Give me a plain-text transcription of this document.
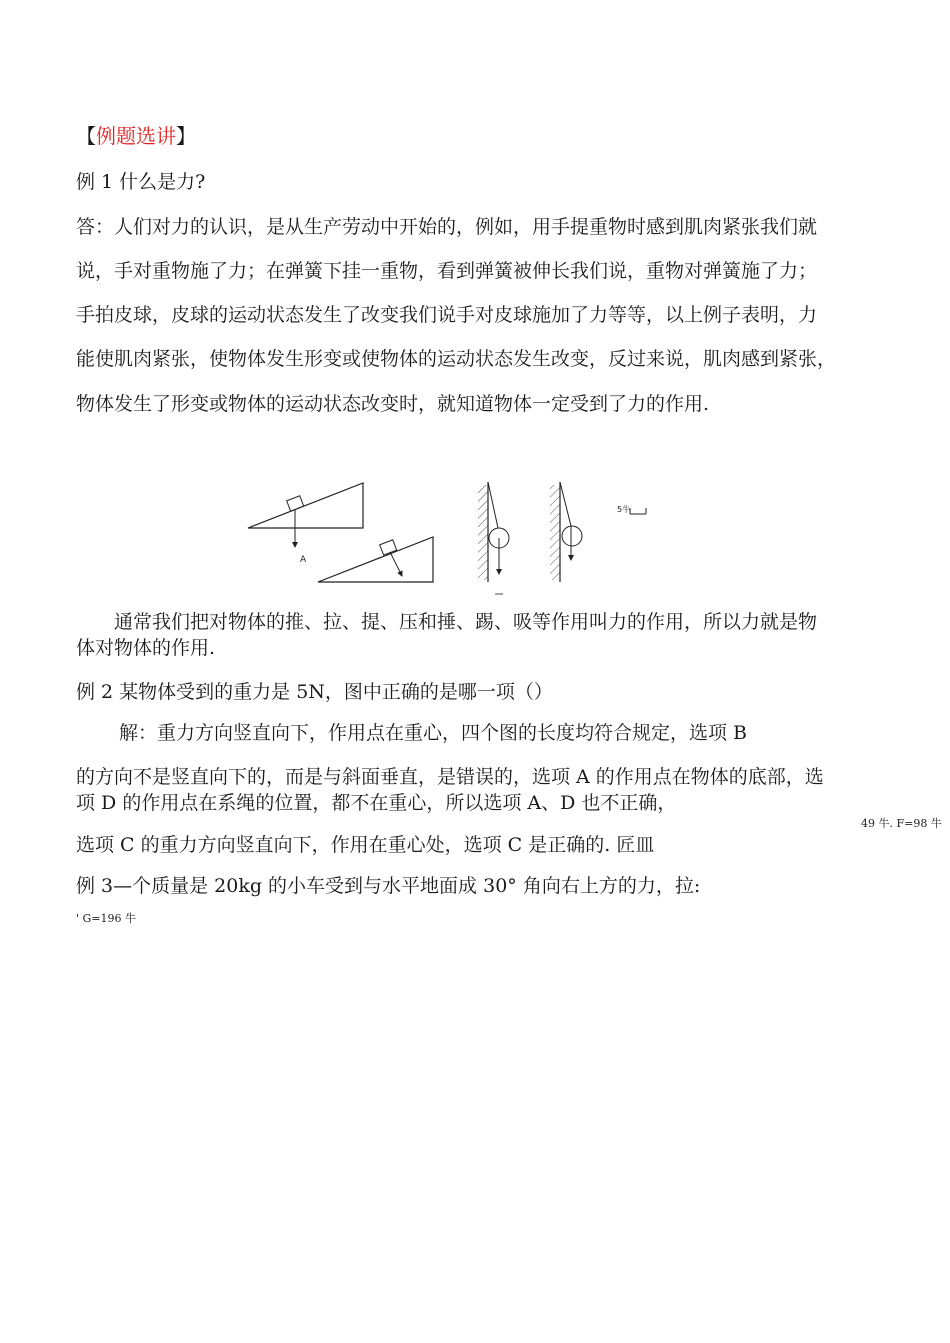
【例题选讲】
例 1 什么是力?
答：人们对力的认识，是从生产劳动中开始的，例如，用手提重物时感到肌肉紧张我们就
说，手对重物施了力；在弹簧下挂一重物，看到弹簧被伸长我们说，重物对弹簧施了力；
手拍皮球，皮球的运动状态发生了改变我们说手对皮球施加了力等等，以上例子表明，力
能使肌肉紧张，使物体发生形变或使物体的运动状态发生改变，反过来说，肌肉感到紧张，
物体发生了形变或物体的运动状态改变时，就知道物体一定受到了力的作用.
A
5牛
通常我们把对物体的推、拉、提、压和捶、踢、吸等作用叫力的作用，所以力就是物
体对物体的作用.
例 2 某物体受到的重力是 5N，图中正确的是哪一项（）
解：重力方向竖直向下，作用点在重心，四个图的长度均符合规定，选项 B
的方向不是竖直向下的，而是与斜面垂直，是错误的，选项 A 的作用点在物体的底部，选
项 D 的作用点在系绳的位置，都不在重心，所以选项 A、D 也不正确，
49 牛. F=98 牛
选项 C 的重力方向竖直向下，作用在重心处，选项 C 是正确的. 匠皿
例 3—个质量是 20kg 的小车受到与水平地面成 30° 角向右上方的力，拉:
' G=196 牛
